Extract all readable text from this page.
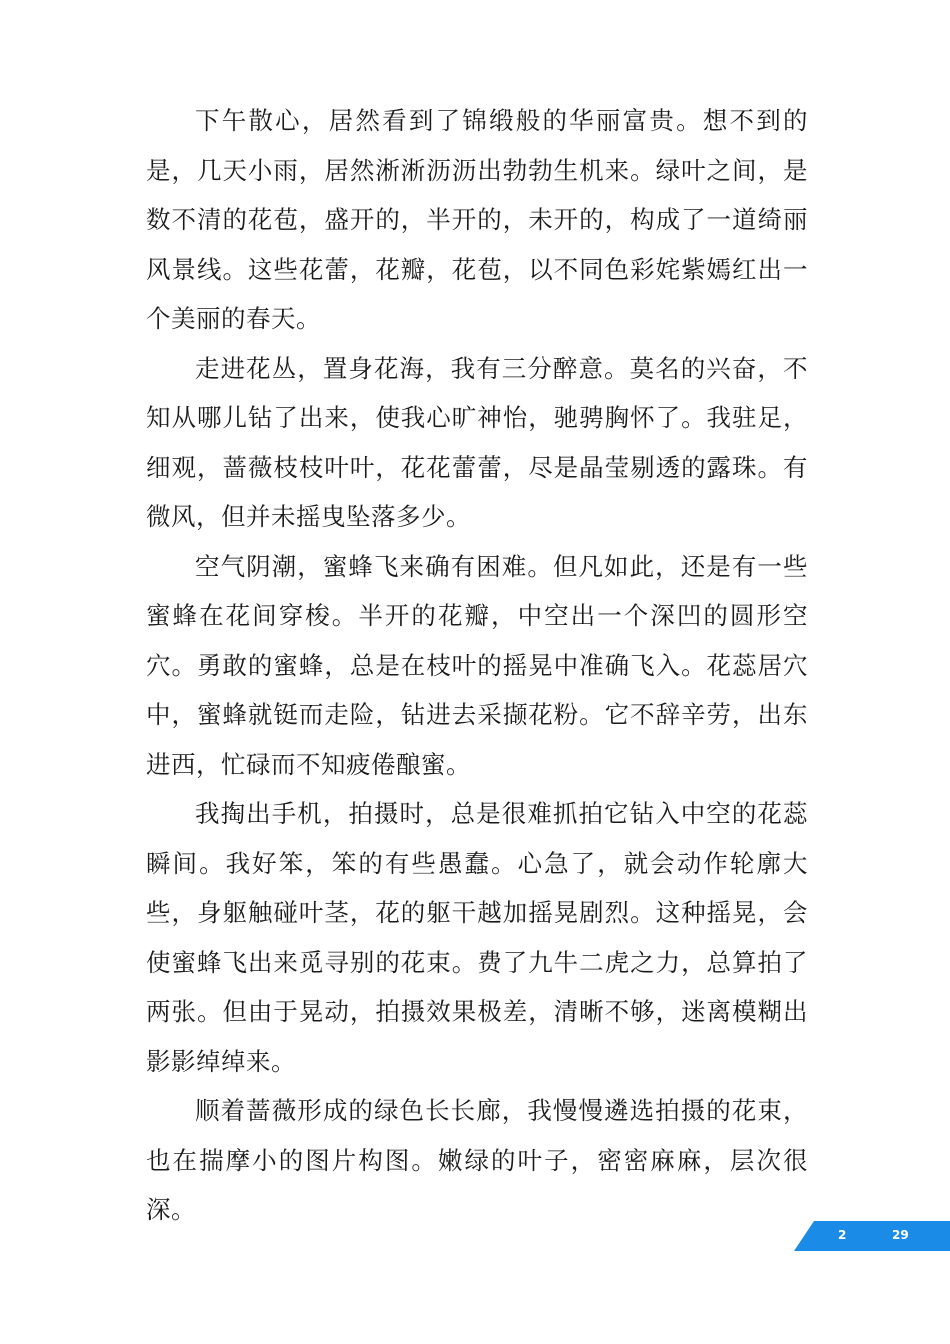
下午散心，居然看到了锦缎般的华丽富贵。想不到的是，几天小雨，居然淅淅沥沥出勃勃生机来。绿叶之间，是数不清的花苞，盛开的，半开的，未开的，构成了一道绮丽风景线。这些花蕾，花瓣，花苞，以不同色彩姹紫嫣红出一个美丽的春天。

走进花丛，置身花海，我有三分醉意。莫名的兴奋，不知从哪儿钻了出来，使我心旷神怡，驰骋胸怀了。我驻足，细观，蔷薇枝枝叶叶，花花蕾蕾，尽是晶莹剔透的露珠。有微风，但并未摇曳坠落多少。

空气阴潮，蜜蜂飞来确有困难。但凡如此，还是有一些蜜蜂在花间穿梭。半开的花瓣，中空出一个深凹的圆形空穴。勇敢的蜜蜂，总是在枝叶的摇晃中准确飞入。花蕊居穴中，蜜蜂就铤而走险，钻进去采撷花粉。它不辞辛劳，出东进西，忙碌而不知疲倦酿蜜。

我掏出手机，拍摄时，总是很难抓拍它钻入中空的花蕊瞬间。我好笨，笨的有些愚蠢。心急了，就会动作轮廓大些，身躯触碰叶茎，花的躯干越加摇晃剧烈。这种摇晃，会使蜜蜂飞出来觅寻别的花束。费了九牛二虎之力，总算拍了两张。但由于晃动，拍摄效果极差，清晰不够，迷离模糊出影影绰绰来。

顺着蔷薇形成的绿色长长廊，我慢慢遴选拍摄的花束，也在揣摩小的图片构图。嫩绿的叶子，密密麻麻，层次很深。

2	29
